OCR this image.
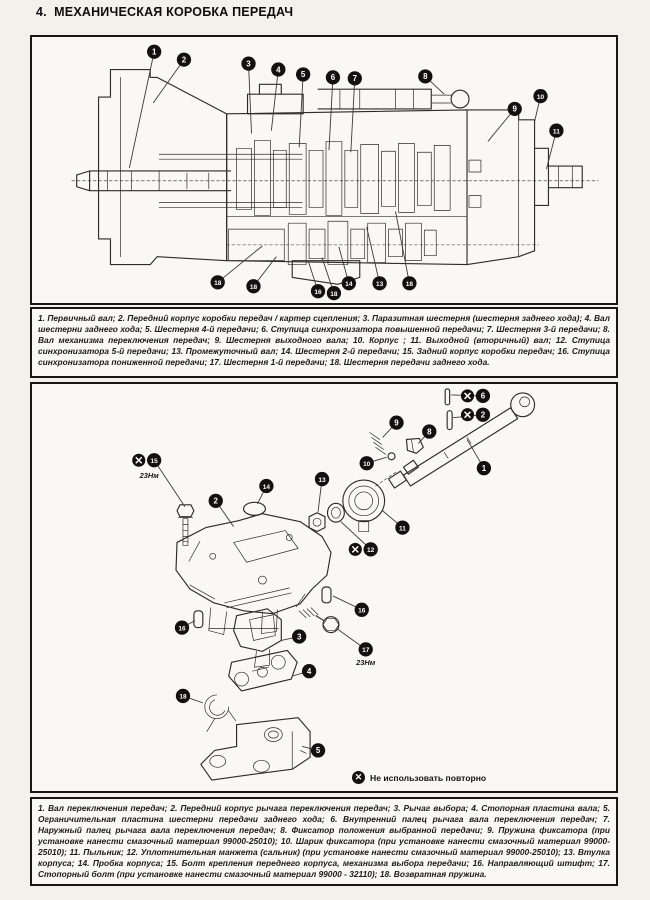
4.  МЕХАНИЧЕСКАЯ КОРОБКА ПЕРЕДАЧ
1
2	3
4
5	6 7	8
9
10
11
18
18
16 18
14	13	18

1. Первичный вал; 2. Передний корпус коробки передач / картер сцепления; 3. Паразитная шестерня (шестерня заднего хода); 4. Вал шестерни заднего хода; 5. Шестерня 4-й передачи; 6. Ступица синхронизатора повышенной передачи; 7. Шестерня 3-й передачи; 8. Вал механизма переключения передач; 9. Шестерня выходного вала; 10. Корпус ; 11. Выходной (вторичный) вал; 12. Ступица синхронизатора 5-й передачи; 13. Промежуточный вал; 14. Шестерня 2-й передачи; 15. Задний корпус коробки передач; 16. Ступица синхронизатора пониженной передачи; 17. Шестерня 1-й передачи; 18. Шестерня передачи заднего хода.

6
2
9
8
10	1
15
23Нм
2
14
13
11
12
16
16
3
17
23Нм
4
18
5
✕ Не использовать повторно

1. Вал переключения передач; 2. Передний корпус рычага переключения передач; 3. Рычаг выбора; 4. Стопорная пластина вала; 5. Ограничительная пластина шестерни передачи заднего хода; 6. Внутренний палец рычага вала переключения передач; 7. Наружный палец рычага вала переключения передач; 8. Фиксатор положения выбранной передачи; 9. Пружина фиксатора (при установке нанести смазочный материал 99000-25010); 10. Шарик фиксатора (при установке нанести смазочный материал 99000-25010); 11. Пыльник; 12. Уплотнительная манжета (сальник) (при установке нанести смазочный материал 99000-25010); 13. Втулка корпуса; 14. Пробка корпуса; 15. Болт крепления переднего корпуса, механизма выбора передачи; 16. Направляющий штифт; 17. Стопорный болт (при установке нанести смазочный материал 99000 - 32110); 18. Возвратная пружина.
